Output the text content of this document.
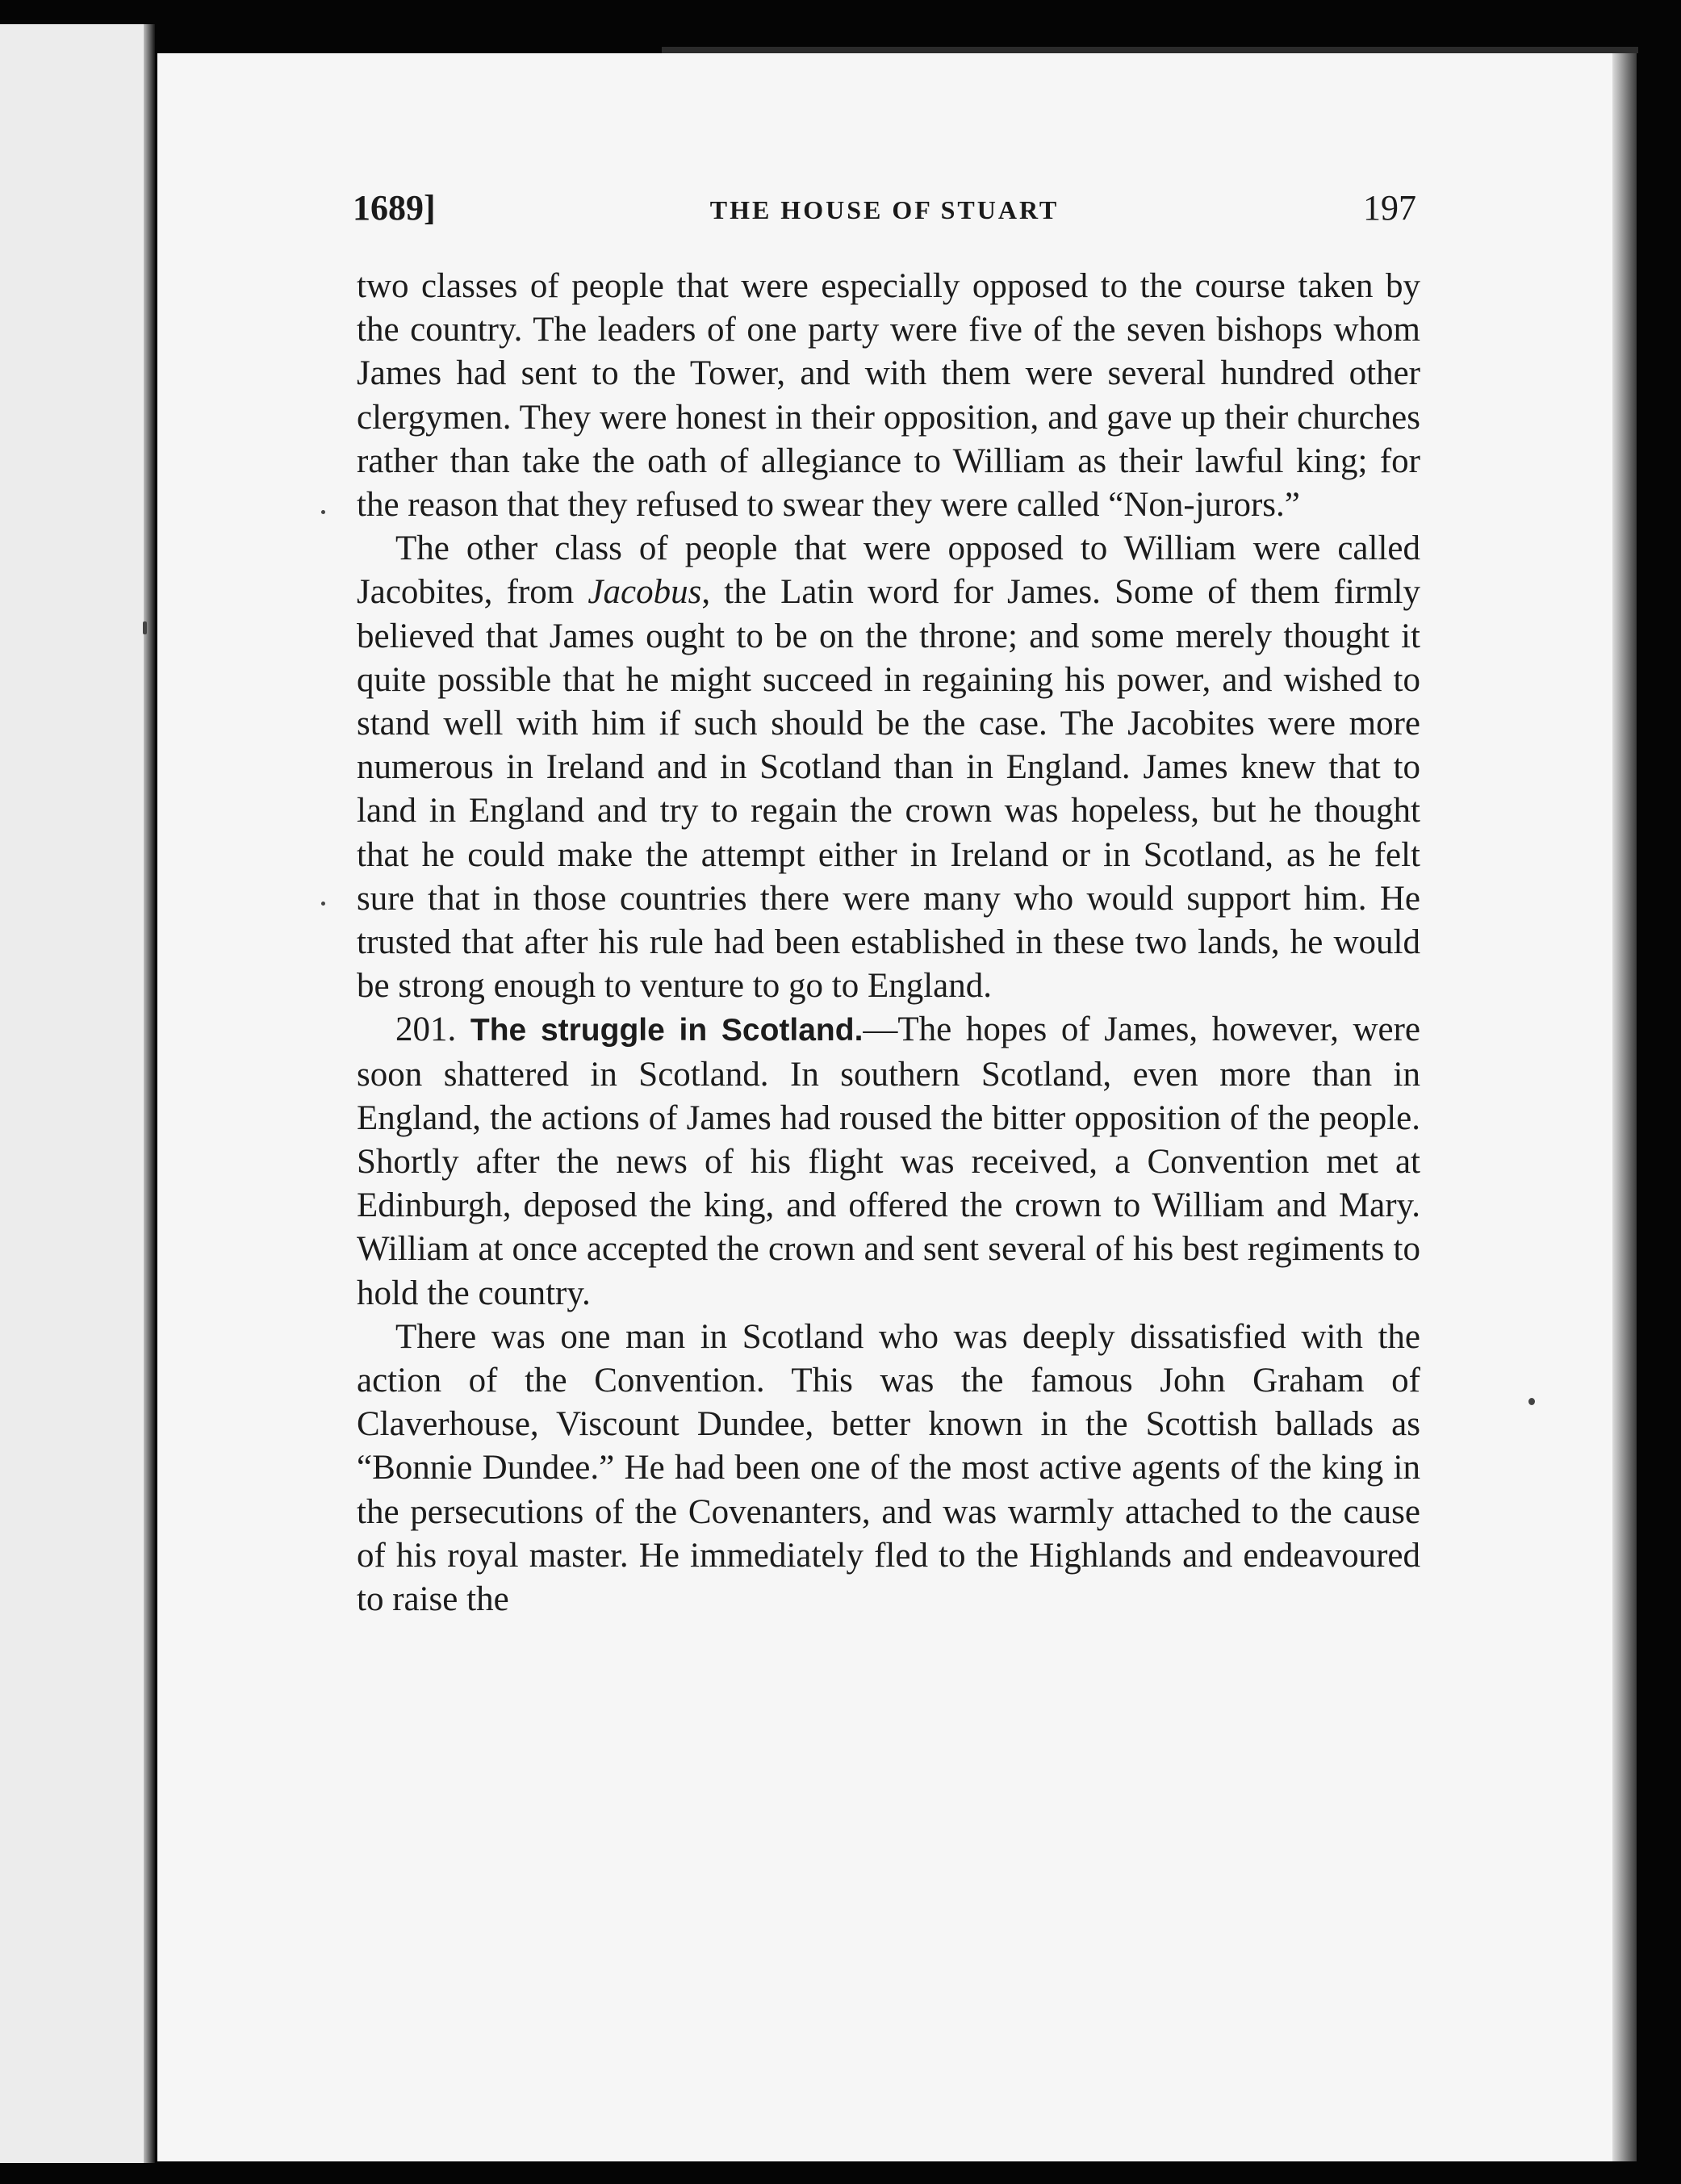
1689]	THE HOUSE OF STUART	197

two classes of people that were especially opposed to the course taken by the country. The leaders of one party were five of the seven bishops whom James had sent to the Tower, and with them were several hundred other clergymen. They were honest in their opposition, and gave up their churches rather than take the oath of allegiance to William as their lawful king; for the reason that they refused to swear they were called “Non-jurors.”

The other class of people that were opposed to William were called Jacobites, from Jacobus, the Latin word for James. Some of them firmly believed that James ought to be on the throne; and some merely thought it quite possible that he might succeed in regaining his power, and wished to stand well with him if such should be the case. The Jacobites were more numerous in Ireland and in Scotland than in England. James knew that to land in England and try to regain the crown was hopeless, but he thought that he could make the attempt either in Ireland or in Scotland, as he felt sure that in those countries there were many who would support him. He trusted that after his rule had been established in these two lands, he would be strong enough to venture to go to England.

201. The struggle in Scotland.—The hopes of James, however, were soon shattered in Scotland. In southern Scotland, even more than in England, the actions of James had roused the bitter opposition of the people. Shortly after the news of his flight was received, a Convention met at Edinburgh, deposed the king, and offered the crown to William and Mary. William at once accepted the crown and sent several of his best regiments to hold the country.

There was one man in Scotland who was deeply dissatisfied with the action of the Convention. This was the famous John Graham of Claverhouse, Viscount Dundee, better known in the Scottish ballads as “Bonnie Dundee.” He had been one of the most active agents of the king in the persecutions of the Covenanters, and was warmly attached to the cause of his royal master. He immediately fled to the Highlands and endeavoured to raise the
